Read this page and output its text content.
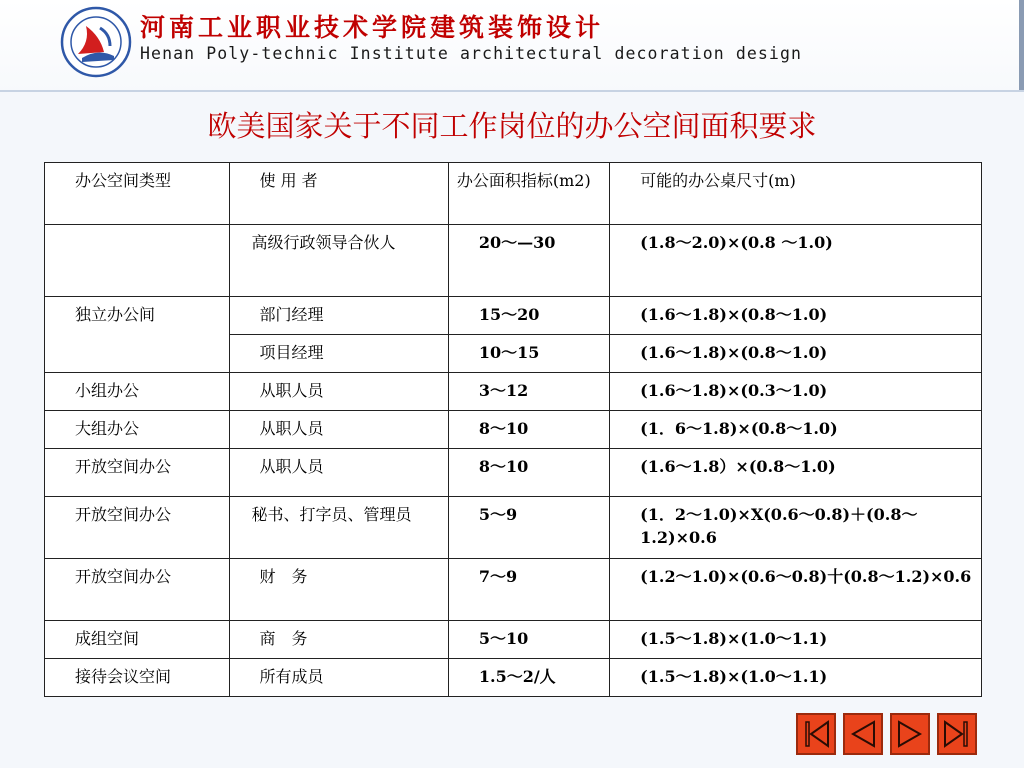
河南工业职业技术学院建筑装饰设计
Henan Poly-technic Institute architectural decoration design
欧美国家关于不同工作岗位的办公空间面积要求
办公空间类型	使 用 者	办公面积指标(m2)	可能的办公桌尺寸(m)
	高级行政领导合伙人	20～—30	(1.8～2.0)×(0.8 ～1.0)
独立办公间	部门经理	15～20	(1.6～1.8)×(0.8～1.0)
	项目经理	10～15	(1.6～1.8)×(0.8～1.0)
小组办公	从职人员	3～12	(1.6～1.8)×(0.3～1.0)
大组办公	从职人员	8～10	(1．6～1.8)×(0.8～1.0)
开放空间办公	从职人员	8～10	(1.6～1.8）×(0.8～1.0)
开放空间办公	秘书、打字员、管理员	5～9	(1．2～1.0)×X(0.6～0.8)＋(0.8～1.2)×0.6
开放空间办公	财　务	7～9	(1.2～1.0)×(0.6～0.8)十(0.8～1.2)×0.6
成组空间	商　务	5～10	(1.5～1.8)×(1.0～1.1)
接待会议空间	所有成员	1.5～2/人	(1.5～1.8)×(1.0～1.1)
